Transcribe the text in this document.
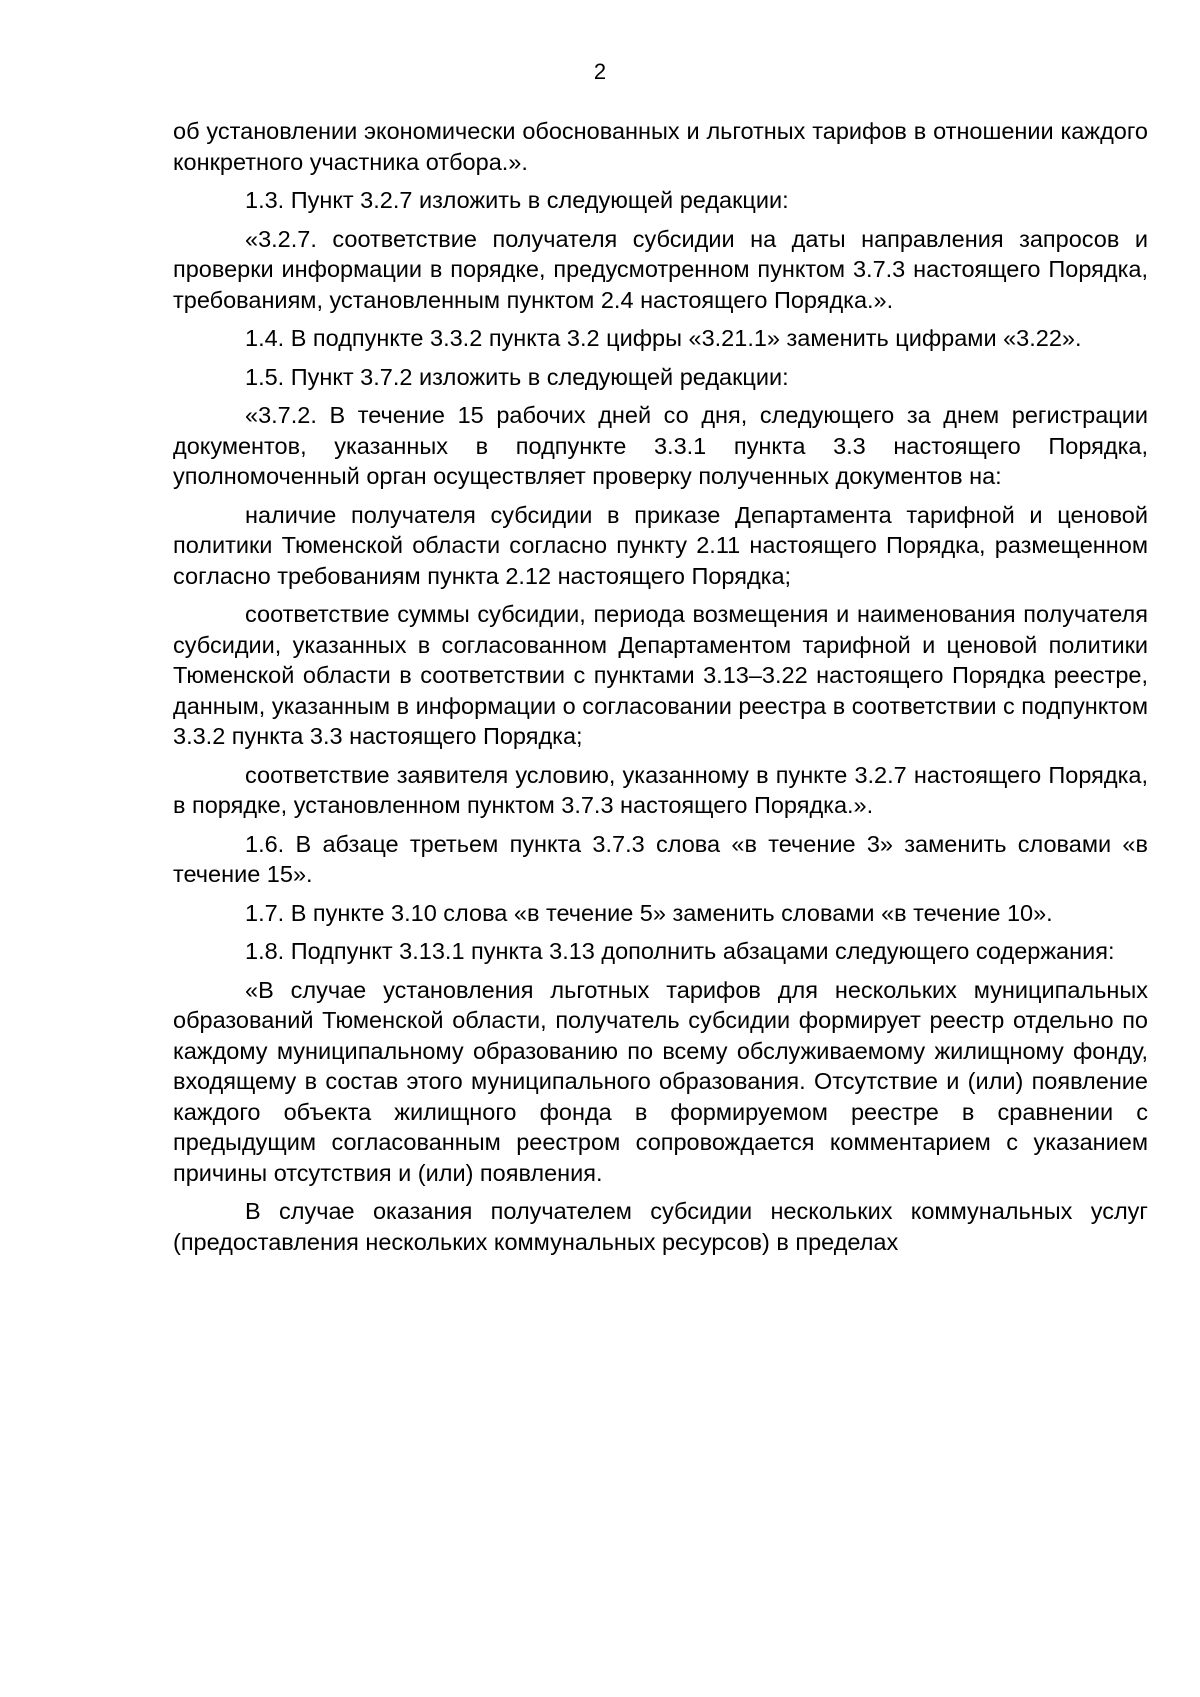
2

об установлении экономически обоснованных и льготных тарифов в отношении каждого конкретного участника отбора.».

1.3. Пункт 3.2.7 изложить в следующей редакции:

«3.2.7. соответствие получателя субсидии на даты направления запросов и проверки информации в порядке, предусмотренном пунктом 3.7.3 настоящего Порядка, требованиям, установленным пунктом 2.4 настоящего Порядка.».

1.4. В подпункте 3.3.2 пункта 3.2 цифры «3.21.1» заменить цифрами «3.22».

1.5. Пункт 3.7.2 изложить в следующей редакции:

«3.7.2. В течение 15 рабочих дней со дня, следующего за днем регистрации документов, указанных в подпункте 3.3.1 пункта 3.3 настоящего Порядка, уполномоченный орган осуществляет проверку полученных документов на:

наличие получателя субсидии в приказе Департамента тарифной и ценовой политики Тюменской области согласно пункту 2.11 настоящего Порядка, размещенном согласно требованиям пункта 2.12 настоящего Порядка;

соответствие суммы субсидии, периода возмещения и наименования получателя субсидии, указанных в согласованном Департаментом тарифной и ценовой политики Тюменской области в соответствии с пунктами 3.13–3.22 настоящего Порядка реестре, данным, указанным в информации о согласовании реестра в соответствии с подпунктом 3.3.2 пункта 3.3 настоящего Порядка;

соответствие заявителя условию, указанному в пункте 3.2.7 настоящего Порядка, в порядке, установленном пунктом 3.7.3 настоящего Порядка.».

1.6. В абзаце третьем пункта 3.7.3 слова «в течение 3» заменить словами «в течение 15».

1.7. В пункте 3.10 слова «в течение 5» заменить словами «в течение 10».

1.8. Подпункт 3.13.1 пункта 3.13 дополнить абзацами следующего содержания:

«В случае установления льготных тарифов для нескольких муниципальных образований Тюменской области, получатель субсидии формирует реестр отдельно по каждому муниципальному образованию по всему обслуживаемому жилищному фонду, входящему в состав этого муниципального образования. Отсутствие и (или) появление каждого объекта жилищного фонда в формируемом реестре в сравнении с предыдущим согласованным реестром сопровождается комментарием с указанием причины отсутствия и (или) появления.

В случае оказания получателем субсидии нескольких коммунальных услуг (предоставления нескольких коммунальных ресурсов) в пределах
